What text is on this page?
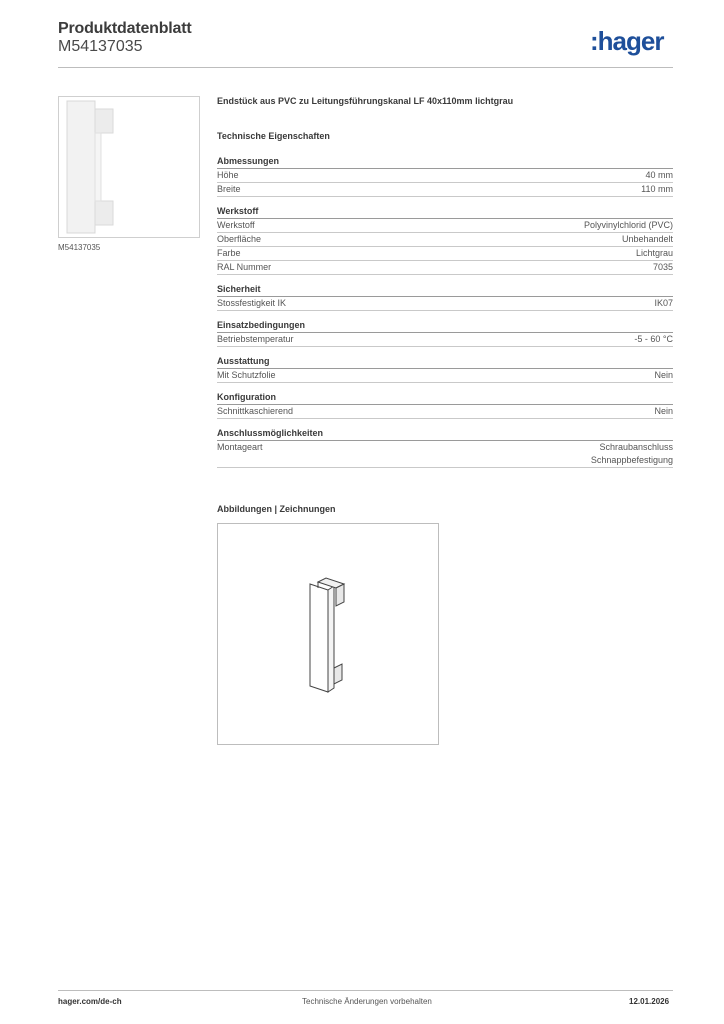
Produktdatenblatt
M54137035	:hager
M54137035
Endstück aus PVC zu Leitungsführungskanal LF 40x110mm lichtgrau
Technische Eigenschaften
Abmessungen
Höhe	40 mm
Breite	110 mm
Werkstoff
Werkstoff	Polyvinylchlorid (PVC)
Oberfläche	Unbehandelt
Farbe	Lichtgrau
RAL Nummer	7035
Sicherheit
Stossfestigkeit IK	IK07
Einsatzbedingungen
Betriebstemperatur	-5 - 60 °C
Ausstattung
Mit Schutzfolie	Nein
Konfiguration
Schnittkaschierend	Nein
Anschlussmöglichkeiten
Montageart	Schraubanschluss
Schnappbefestigung
Abbildungen | Zeichnungen
hager.com/de-ch	Technische Änderungen vorbehalten	12.01.2026
